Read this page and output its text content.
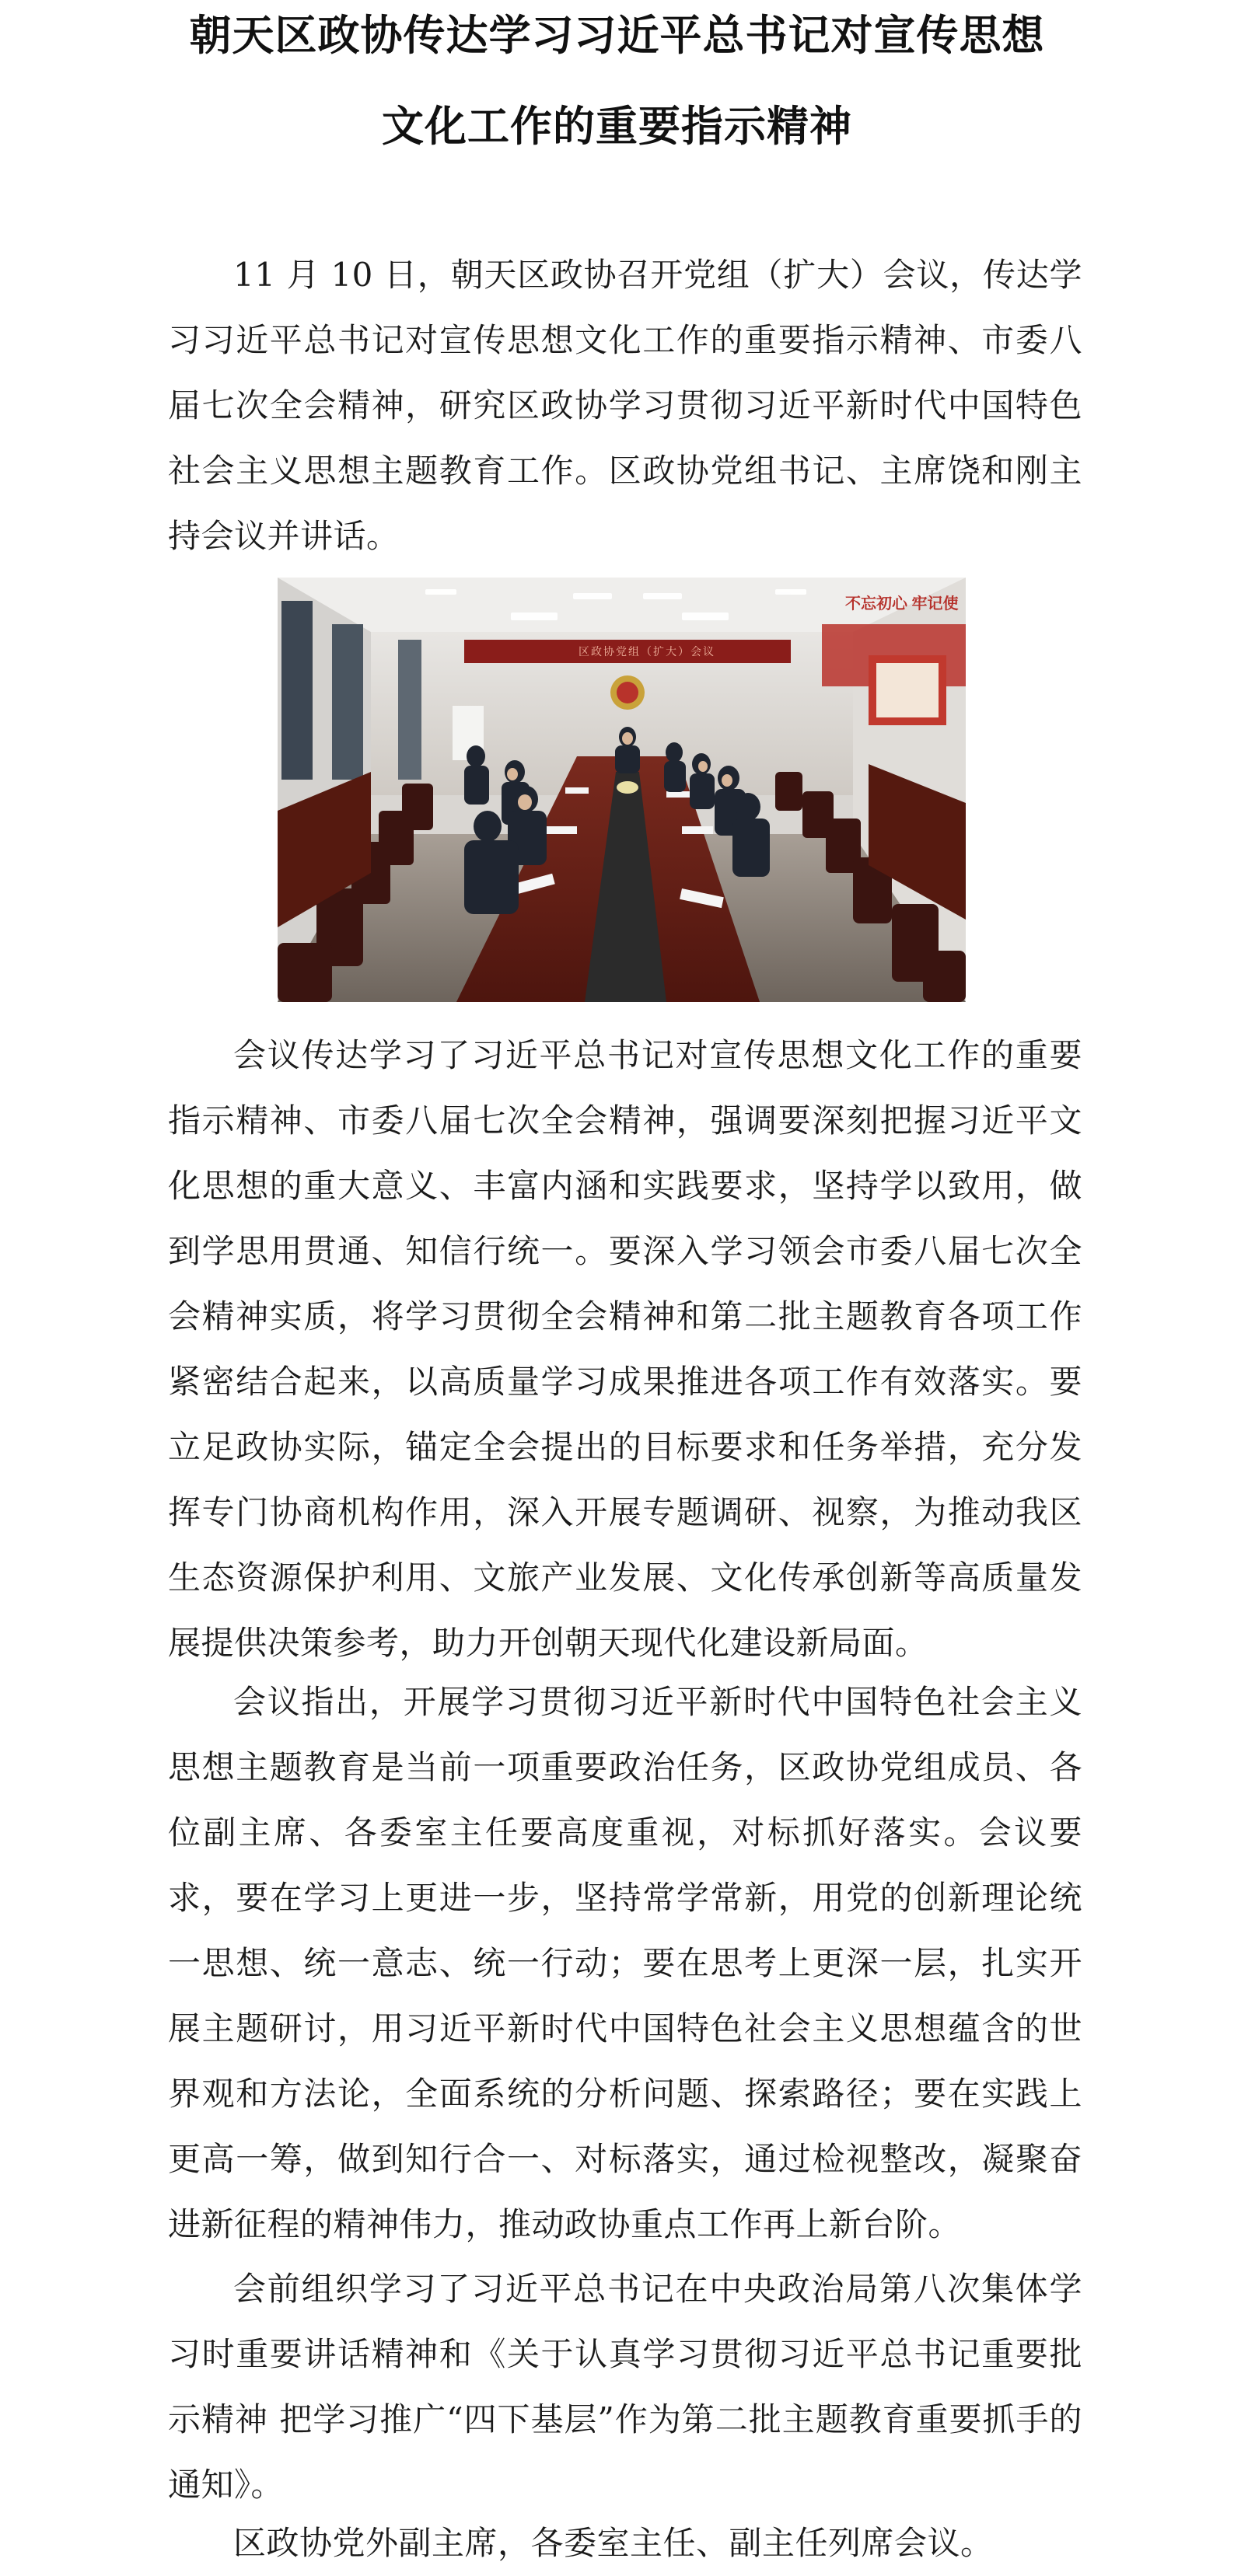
朝天区政协传达学习习近平总书记对宣传思想
文化工作的重要指示精神

11 月 10 日，朝天区政协召开党组（扩大）会议，传达学习习近平总书记对宣传思想文化工作的重要指示精神、市委八届七次全会精神，研究区政协学习贯彻习近平新时代中国特色社会主义思想主题教育工作。区政协党组书记、主席饶和刚主持会议并讲话。

区政协党组（扩大）会议
不忘初心 牢记使

会议传达学习了习近平总书记对宣传思想文化工作的重要指示精神、市委八届七次全会精神，强调要深刻把握习近平文化思想的重大意义、丰富内涵和实践要求，坚持学以致用，做到学思用贯通、知信行统一。要深入学习领会市委八届七次全会精神实质，将学习贯彻全会精神和第二批主题教育各项工作紧密结合起来，以高质量学习成果推进各项工作有效落实。要立足政协实际，锚定全会提出的目标要求和任务举措，充分发挥专门协商机构作用，深入开展专题调研、视察，为推动我区生态资源保护利用、文旅产业发展、文化传承创新等高质量发展提供决策参考，助力开创朝天现代化建设新局面。

会议指出，开展学习贯彻习近平新时代中国特色社会主义思想主题教育是当前一项重要政治任务，区政协党组成员、各位副主席、各委室主任要高度重视，对标抓好落实。会议要求，要在学习上更进一步，坚持常学常新，用党的创新理论统一思想、统一意志、统一行动；要在思考上更深一层，扎实开展主题研讨，用习近平新时代中国特色社会主义思想蕴含的世界观和方法论，全面系统的分析问题、探索路径；要在实践上更高一筹，做到知行合一、对标落实，通过检视整改，凝聚奋进新征程的精神伟力，推动政协重点工作再上新台阶。

会前组织学习了习近平总书记在中央政治局第八次集体学习时重要讲话精神和《关于认真学习贯彻习近平总书记重要批示精神 把学习推广“四下基层”作为第二批主题教育重要抓手的通知》。

区政协党外副主席，各委室主任、副主任列席会议。
